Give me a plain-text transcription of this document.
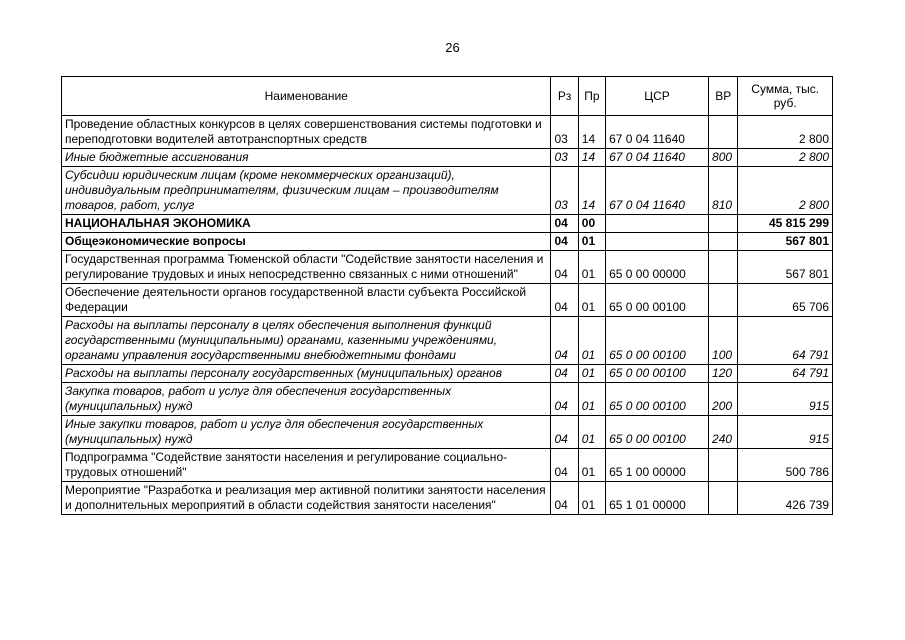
26
Наименование	Рз	Пр	ЦСР	ВР	Сумма, тыс. руб.
Проведение областных конкурсов в целях совершенствования системы подготовки и переподготовки водителей автотранспортных средств	03	14	67 0 04 11640		2 800
Иные бюджетные ассигнования	03	14	67 0 04 11640	800	2 800
Субсидии юридическим лицам (кроме некоммерческих организаций), индивидуальным предпринимателям, физическим лицам – производителям товаров, работ, услуг	03	14	67 0 04 11640	810	2 800
НАЦИОНАЛЬНАЯ ЭКОНОМИКА	04	00			45 815 299
Общеэкономические вопросы	04	01			567 801
Государственная программа Тюменской области "Содействие занятости населения и регулирование трудовых и иных непосредственно связанных с ними отношений"	04	01	65 0 00 00000		567 801
Обеспечение деятельности органов государственной власти субъекта Российской Федерации	04	01	65 0 00 00100		65 706
Расходы на выплаты персоналу в целях обеспечения выполнения функций государственными (муниципальными) органами, казенными учреждениями, органами управления государственными внебюджетными фондами	04	01	65 0 00 00100	100	64 791
Расходы на выплаты персоналу государственных (муниципальных) органов	04	01	65 0 00 00100	120	64 791
Закупка товаров, работ и услуг для обеспечения государственных (муниципальных) нужд	04	01	65 0 00 00100	200	915
Иные закупки товаров, работ и услуг для обеспечения государственных (муниципальных) нужд	04	01	65 0 00 00100	240	915
Подпрограмма "Содействие занятости населения и регулирование социально-трудовых отношений"	04	01	65 1 00 00000		500 786
Мероприятие "Разработка и реализация мер активной политики занятости населения и дополнительных мероприятий в области содействия занятости населения"	04	01	65 1 01 00000		426 739
